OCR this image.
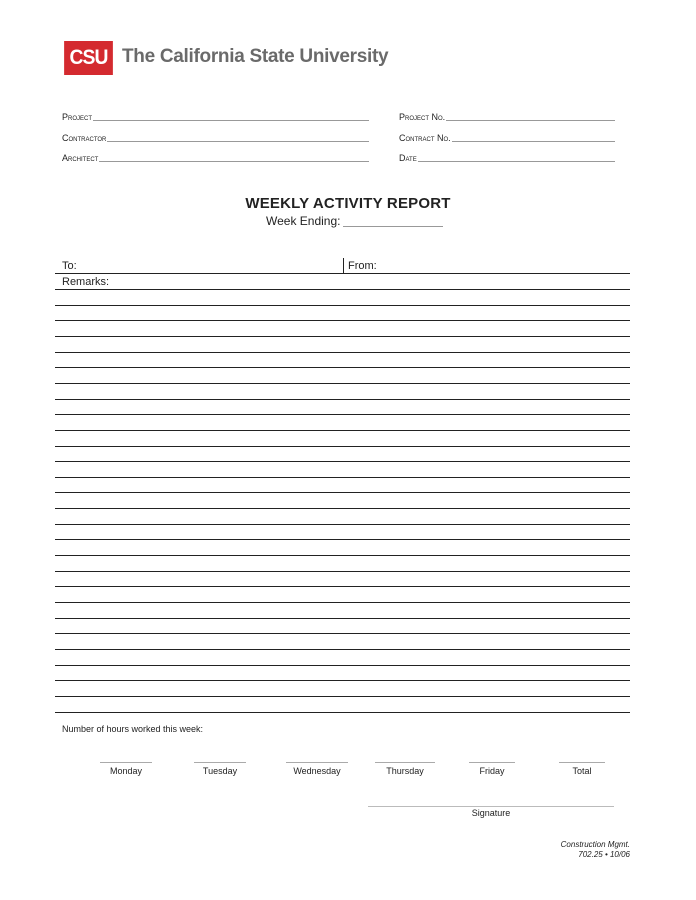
CSU The California State University
Project
Contractor
Architect
Project No.
Contract No.
Date
WEEKLY ACTIVITY REPORT
Week Ending:
To:	From:
Remarks:
Number of hours worked this week:
Monday	Tuesday	Wednesday	Thursday	Friday	Total
Signature
Construction Mgmt.
702.25 • 10/06
